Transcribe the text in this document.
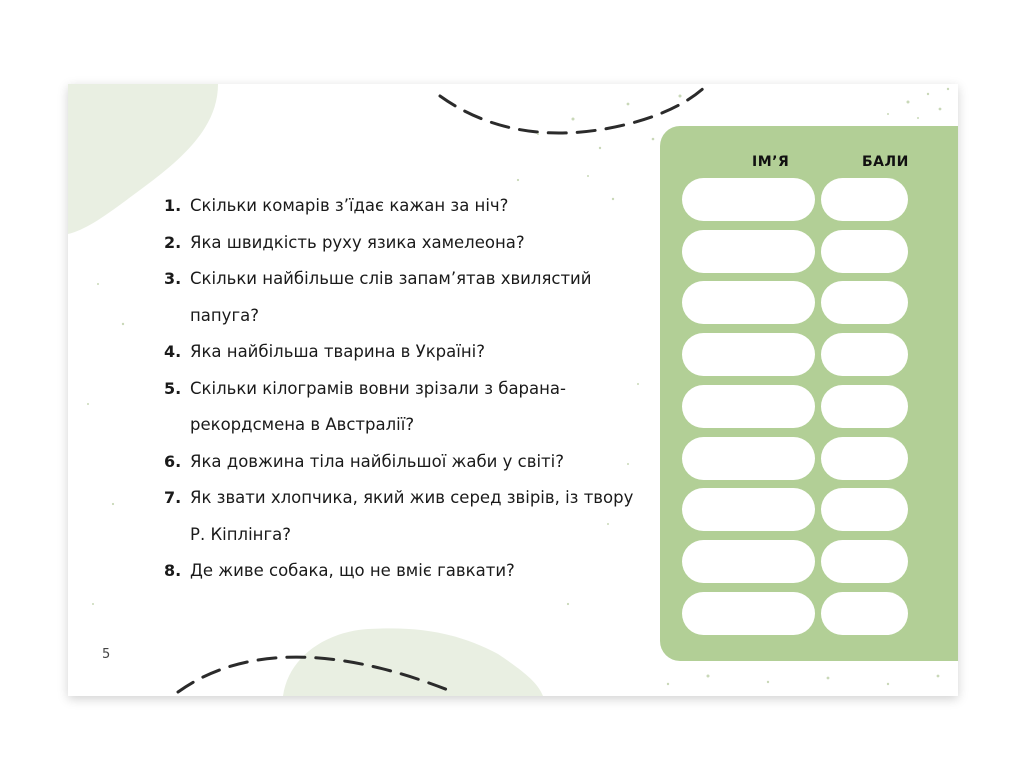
1. Скільки комарів з’їдає кажан за ніч?
2. Яка швидкість руху язика хамелеона?
3. Скільки найбільше слів запам’ятав хвилястий папуга?
4. Яка найбільша тварина в Україні?
5. Скільки кілограмів вовни зрізали з барана-рекордсмена в Австралії?
6. Яка довжина тіла найбільшої жаби у світі?
7. Як звати хлопчика, який жив серед звірів, із твору Р. Кіплінга?
8. Де живе собака, що не вміє гавкати?
ІМ’Я	БАЛИ
5
